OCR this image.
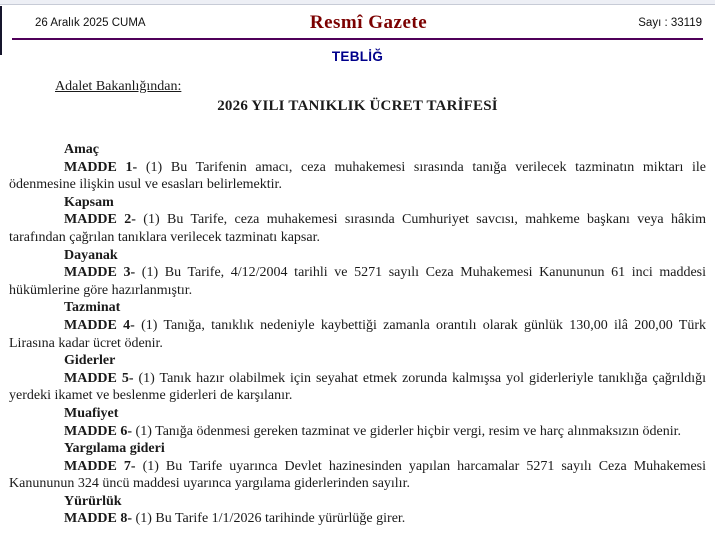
26 Aralık 2025 CUMA	Resmî Gazete	Sayı : 33119
TEBLİĞ
Adalet Bakanlığından:
2026 YILI TANIKLIK ÜCRET TARİFESİ
Amaç

MADDE 1- (1) Bu Tarifenin amacı, ceza muhakemesi sırasında tanığa verilecek tazminatın miktarı ile ödenmesine ilişkin usul ve esasları belirlemektir.

Kapsam

MADDE 2- (1) Bu Tarife, ceza muhakemesi sırasında Cumhuriyet savcısı, mahkeme başkanı veya hâkim tarafından çağrılan tanıklara verilecek tazminatı kapsar.

Dayanak

MADDE 3- (1) Bu Tarife, 4/12/2004 tarihli ve 5271 sayılı Ceza Muhakemesi Kanununun 61 inci maddesi hükümlerine göre hazırlanmıştır.

Tazminat

MADDE 4- (1) Tanığa, tanıklık nedeniyle kaybettiği zamanla orantılı olarak günlük 130,00 ilâ 200,00 Türk Lirasına kadar ücret ödenir.

Giderler

MADDE 5- (1) Tanık hazır olabilmek için seyahat etmek zorunda kalmışsa yol giderleriyle tanıklığa çağrıldığı yerdeki ikamet ve beslenme giderleri de karşılanır.

Muafiyet

MADDE 6- (1) Tanığa ödenmesi gereken tazminat ve giderler hiçbir vergi, resim ve harç alınmaksızın ödenir.

Yargılama gideri

MADDE 7- (1) Bu Tarife uyarınca Devlet hazinesinden yapılan harcamalar 5271 sayılı Ceza Muhakemesi Kanununun 324 üncü maddesi uyarınca yargılama giderlerinden sayılır.

Yürürlük

MADDE 8- (1) Bu Tarife 1/1/2026 tarihinde yürürlüğe girer.
